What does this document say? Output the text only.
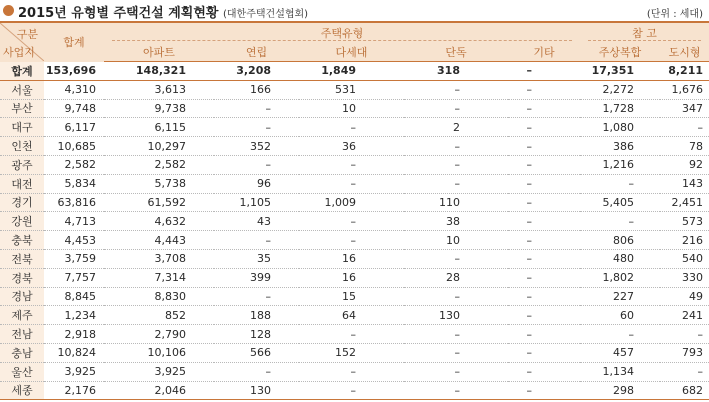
2015년 유형별 주택건설 계획현황 (대한주택건설협회)	(단위 : 세대)
구분
사업지	합계	주택유형					참 고	

		아파트	연립	다세대	단독	기타	주상복합	도시형
합계	153,696	148,321	3,208	1,849	318	–	17,351	8,211
서울	4,310	3,613	166	531	–	–	2,272	1,676
부산	9,748	9,738	–	10	–	–	1,728	347
대구	6,117	6,115	–	–	2	–	1,080	–
인천	10,685	10,297	352	36	–	–	386	78
광주	2,582	2,582	–	–	–	–	1,216	92
대전	5,834	5,738	96	–	–	–	–	143
경기	63,816	61,592	1,105	1,009	110	–	5,405	2,451
강원	4,713	4,632	43	–	38	–	–	573
충북	4,453	4,443	–	–	10	–	806	216
전북	3,759	3,708	35	16	–	–	480	540
경북	7,757	7,314	399	16	28	–	1,802	330
경남	8,845	8,830	–	15	–	–	227	49
제주	1,234	852	188	64	130	–	60	241
전남	2,918	2,790	128	–	–	–	–	–
충남	10,824	10,106	566	152	–	–	457	793
울산	3,925	3,925	–	–	–	–	1,134	–
세종	2,176	2,046	130	–	–	–	298	682
